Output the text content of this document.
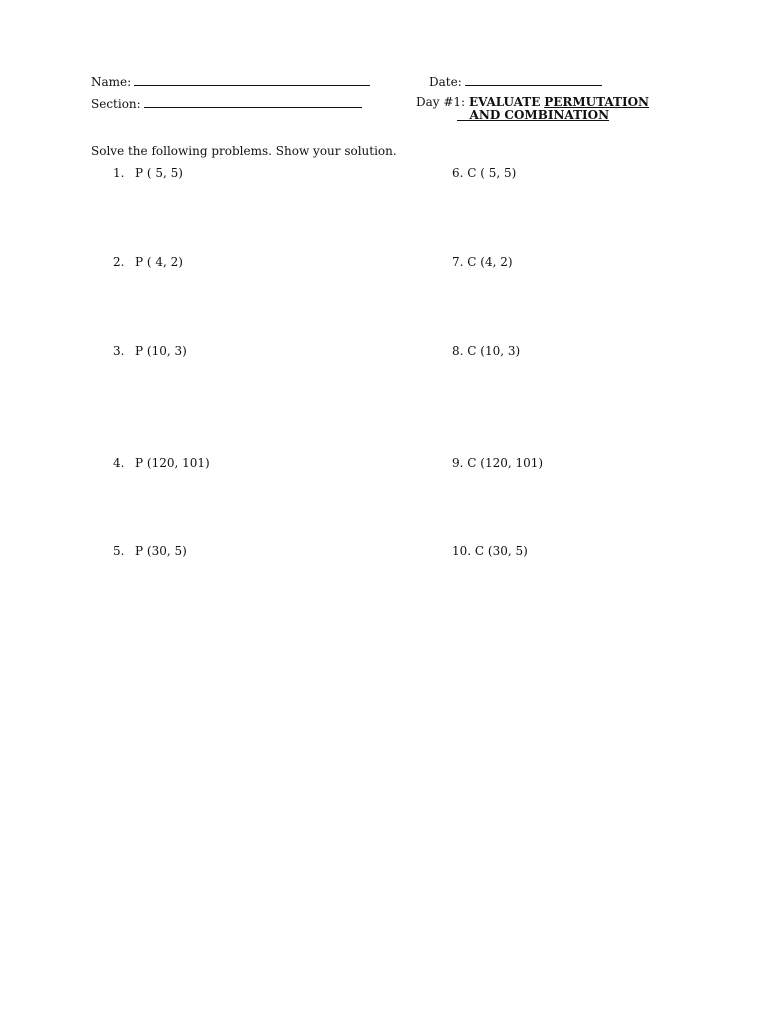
Name:	Date:
Section:	Day #1: EVALUATE PERMUTATION
AND COMBINATION
Solve the following problems. Show your solution.
1. P ( 5, 5)
2. P ( 4, 2)
3. P (10, 3)
4. P (120, 101)
5. P (30, 5)
6. C ( 5, 5)
7. C (4, 2)
8. C (10, 3)
9. C (120, 101)
10. C (30, 5)
